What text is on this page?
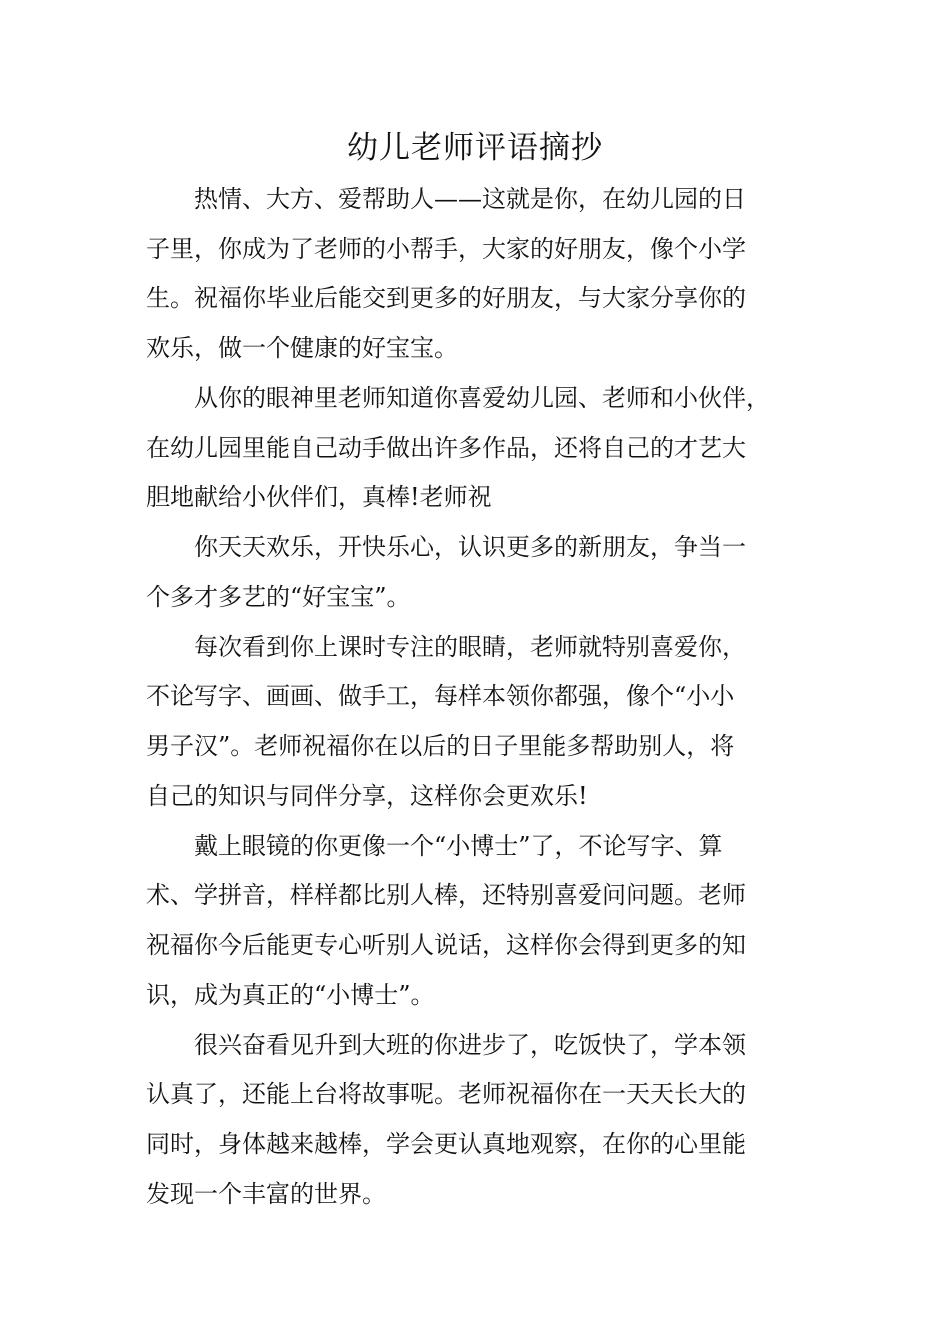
幼儿老师评语摘抄
　　热情、大方、爱帮助人——这就是你，在幼儿园的日
子里，你成为了老师的小帮手，大家的好朋友，像个小学
生。祝福你毕业后能交到更多的好朋友，与大家分享你的
欢乐，做一个健康的好宝宝。
　　从你的眼神里老师知道你喜爱幼儿园、老师和小伙伴，
在幼儿园里能自己动手做出许多作品，还将自己的才艺大
胆地献给小伙伴们，真棒!老师祝
　　你天天欢乐，开快乐心，认识更多的新朋友，争当一
个多才多艺的“好宝宝”。
　　每次看到你上课时专注的眼睛，老师就特别喜爱你，
不论写字、画画、做手工，每样本领你都强，像个“小小
男子汉”。老师祝福你在以后的日子里能多帮助别人，将
自己的知识与同伴分享，这样你会更欢乐!
　　戴上眼镜的你更像一个“小博士”了，不论写字、算
术、学拼音，样样都比别人棒，还特别喜爱问问题。老师
祝福你今后能更专心听别人说话，这样你会得到更多的知
识，成为真正的“小博士”。
　　很兴奋看见升到大班的你进步了，吃饭快了，学本领
认真了，还能上台将故事呢。老师祝福你在一天天长大的
同时，身体越来越棒，学会更认真地观察，在你的心里能
发现一个丰富的世界。
